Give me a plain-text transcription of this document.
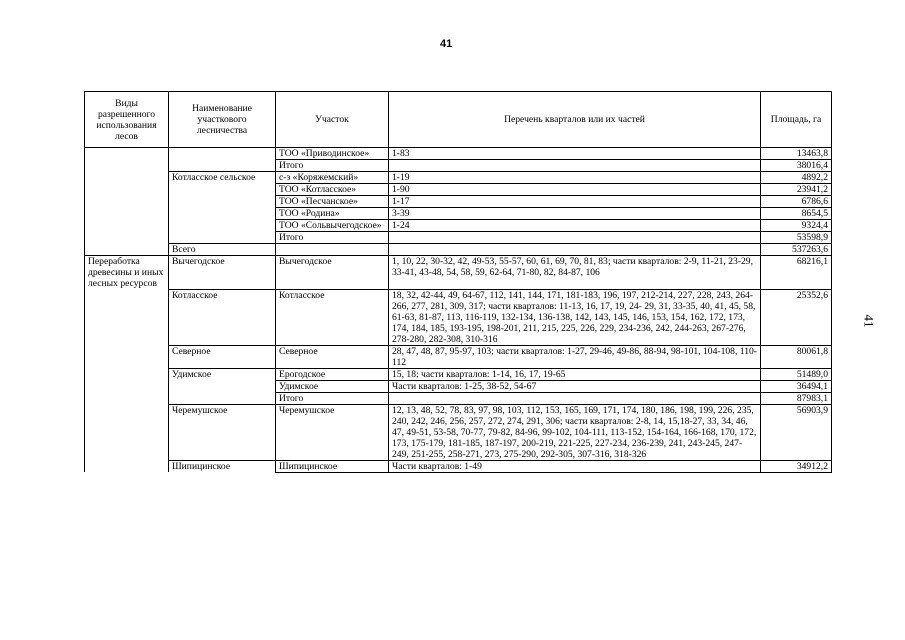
41
41
Виды разрешенного использования лесов	Наименование участкового лесничества	Участок	Перечень кварталов или их частей	Площадь, га
		ТОО «Приводинское»	1-83	13463,8
		Итого		38016,4
	Котласское сельское	с-з «Коряжемский»	1-19	4892,2
		ТОО «Котласское»	1-90	23941,2
		ТОО «Песчанское»	1-17	6786,6
		ТОО «Родина»	3-39	8654,5
		ТОО «Сольвычегодское»	1-24	9324,4
		Итого		53598,9
	Всего			537263,6
Переработка древесины и иных лесных ресурсов	Вычегодское	Вычегодское	1, 10, 22, 30-32, 42, 49-53, 55-57, 60, 61, 69, 70, 81, 83; части кварталов: 2-9, 11-21, 23-29, 33-41, 43-48, 54, 58, 59, 62-64, 71-80, 82, 84-87, 106	68216,1
	Котласское	Котласское	18, 32, 42-44, 49, 64-67, 112, 141, 144, 171, 181-183, 196, 197, 212-214, 227, 228, 243, 264-266, 277, 281, 309, 317; части кварталов: 11-13, 16, 17, 19, 24- 29, 31, 33-35, 40, 41, 45, 58, 61-63, 81-87, 113, 116-119, 132-134, 136-138, 142, 143, 145, 146, 153, 154, 162, 172, 173, 174, 184, 185, 193-195, 198-201, 211, 215, 225, 226, 229, 234-236, 242, 244-263, 267-276, 278-280, 282-308, 310-316	25352,6
	Северное	Северное	28, 47, 48, 87, 95-97, 103; части кварталов: 1-27, 29-46, 49-86, 88-94, 98-101, 104-108, 110-112	80061,8
	Удимское	Ерогодское	15, 18; части кварталов: 1-14, 16, 17, 19-65	51489,0
		Удимское	Части кварталов: 1-25, 38-52, 54-67	36494,1
		Итого		87983,1
	Черемушское	Черемушское	12, 13, 48, 52, 78, 83, 97, 98, 103, 112, 153, 165, 169, 171, 174, 180, 186, 198, 199, 226, 235, 240, 242, 246, 256, 257, 272, 274, 291, 306; части кварталов: 2-8, 14, 15,18-27, 33, 34, 46, 47, 49-51, 53-58, 70-77, 79-82, 84-96, 99-102, 104-111, 113-152, 154-164, 166-168, 170, 172, 173, 175-179, 181-185, 187-197, 200-219, 221-225, 227-234, 236-239, 241, 243-245, 247-249, 251-255, 258-271, 273, 275-290, 292-305, 307-316, 318-326	56903,9
	Шипицинское	Шипицинское	Части кварталов: 1-49	34912,2
